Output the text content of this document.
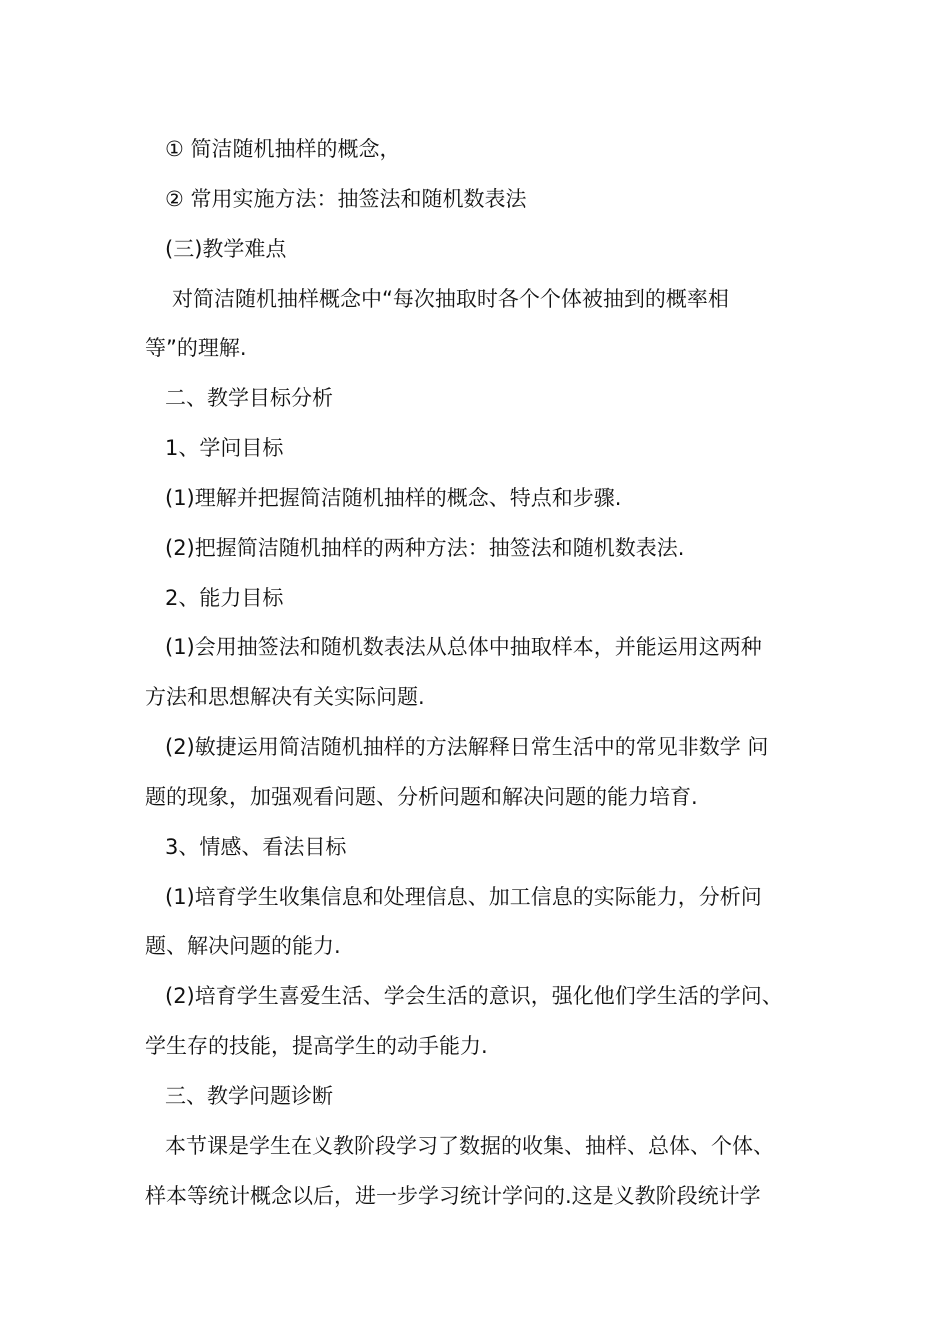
① 简洁随机抽样的概念，

② 常用实施方法：抽签法和随机数表法

(三)教学难点

对简洁随机抽样概念中“每次抽取时各个个体被抽到的概率相

等”的理解.

二、教学目标分析

1、学问目标

(1)理解并把握简洁随机抽样的概念、特点和步骤.

(2)把握简洁随机抽样的两种方法：抽签法和随机数表法.

2、能力目标

(1)会用抽签法和随机数表法从总体中抽取样本，并能运用这两种

方法和思想解决有关实际问题.

(2)敏捷运用简洁随机抽样的方法解释日常生活中的常见非数学 问

题的现象，加强观看问题、分析问题和解决问题的能力培育.

3、情感、看法目标

(1)培育学生收集信息和处理信息、加工信息的实际能力，分析问

题、解决问题的能力.

(2)培育学生喜爱生活、学会生活的意识，强化他们学生活的学问、

学生存的技能，提高学生的动手能力.

三、教学问题诊断

本节课是学生在义教阶段学习了数据的收集、抽样、总体、个体、

样本等统计概念以后，进一步学习统计学问的.这是义教阶段统计学
